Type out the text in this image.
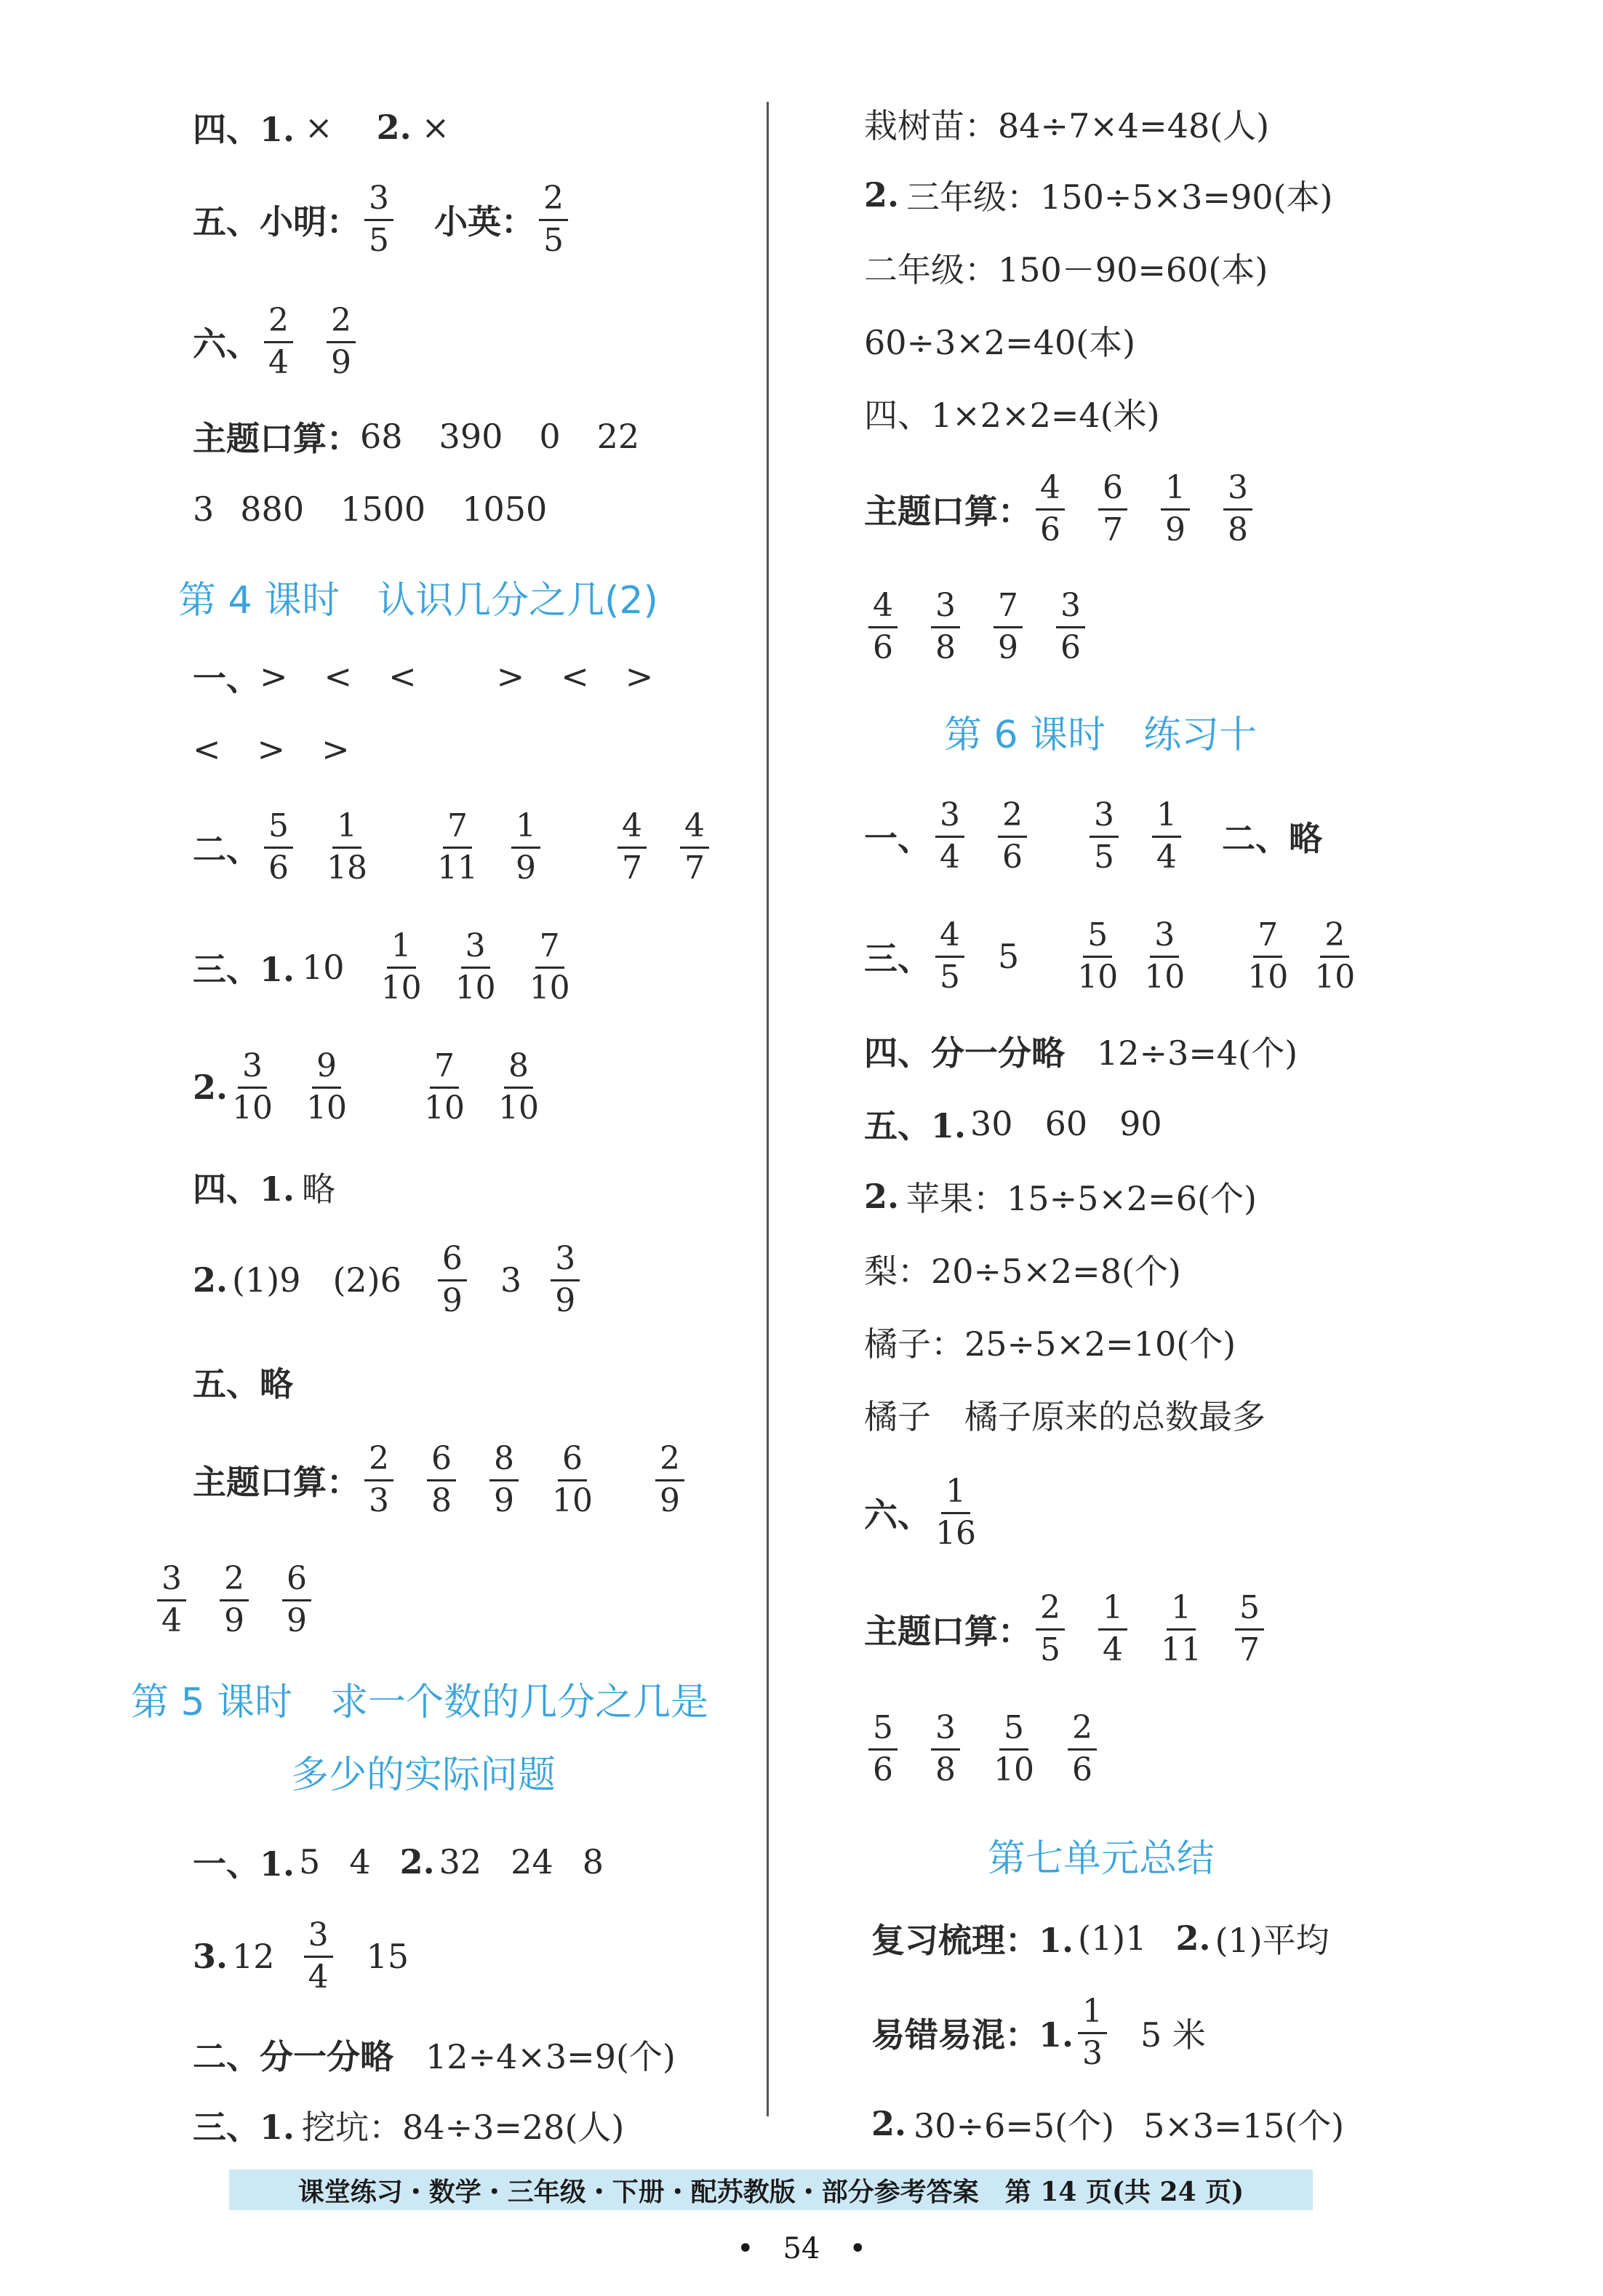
四、1. × 2. ×
五、小明： $\frac{3}{5}$ 小英： $\frac{2}{5}$
六、 $\frac{2}{4} \frac{2}{9}$
主题口算： 68 390 0 22
3 880 1500 1050
第 4 课时　认识几分之几(2)
一、 > < < > < >
< > >
二、 $\frac{5}{6} \frac{1}{18} \frac{7}{11} \frac{1}{9} \frac{4}{7} \frac{4}{7}$
三、1. $10 \frac{1}{10} \frac{3}{10} \frac{7}{10}$
2. $\frac{3}{10} \frac{9}{10} \frac{7}{10} \frac{8}{10}$
四、1. 略
2. (1)9 $(2)6 \frac{6}{9} 3 \frac{3}{9}$
五、略
主题口算： $\frac{2}{3} \frac{6}{8} \frac{8}{9} \frac{6}{10} \frac{2}{9}$
$\frac{3}{4} \frac{2}{9} \frac{6}{9}$
第 5 课时　求一个数的几分之几是
多少的实际问题
一、1. 5 4 2. 32 24 8
3. $12 \frac{3}{4} 15$
二、分一分略 12÷4×3=9(个)
三、1. 挖坑：84÷3=28(人)
栽树苗：84÷7×4=48(人)
2. 三年级：150÷5×3=90(本)
二年级：150－90=60(本)
60÷3×2=40(本)
四、1×2×2=4(米)
主题口算： $\frac{4}{6} \frac{6}{7} \frac{1}{9} \frac{3}{8}$
$\frac{4}{6} \frac{3}{8} \frac{7}{9} \frac{3}{6}$
第 6 课时　练习十
一、 $\frac{3}{4} \frac{2}{6} \frac{3}{5} \frac{1}{4}$ 二、略
三、 $\frac{4}{5} 5 \frac{5}{10} \frac{3}{10} \frac{7}{10} \frac{2}{10}$
四、分一分略 12÷3=4(个)
五、1. 30 60 90
2. 苹果：15÷5×2=6(个)
梨：20÷5×2=8(个)
橘子：25÷5×2=10(个)
橘子　橘子原来的总数最多
六、 $\frac{1}{16}$
主题口算： $\frac{2}{5} \frac{1}{4} \frac{1}{11} \frac{5}{7}$
$\frac{5}{6} \frac{3}{8} \frac{5}{10} \frac{2}{6}$
第七单元总结
复习梳理：1. (1)1 2. (1)平均
易错易混：1. $\frac{1}{3} 5$ 米
2. 30÷6=5(个) 5×3=15(个)
课堂练习・数学・三年级・下册・配苏教版・部分参考答案　第 14 页(共 24 页)
•　54　•
